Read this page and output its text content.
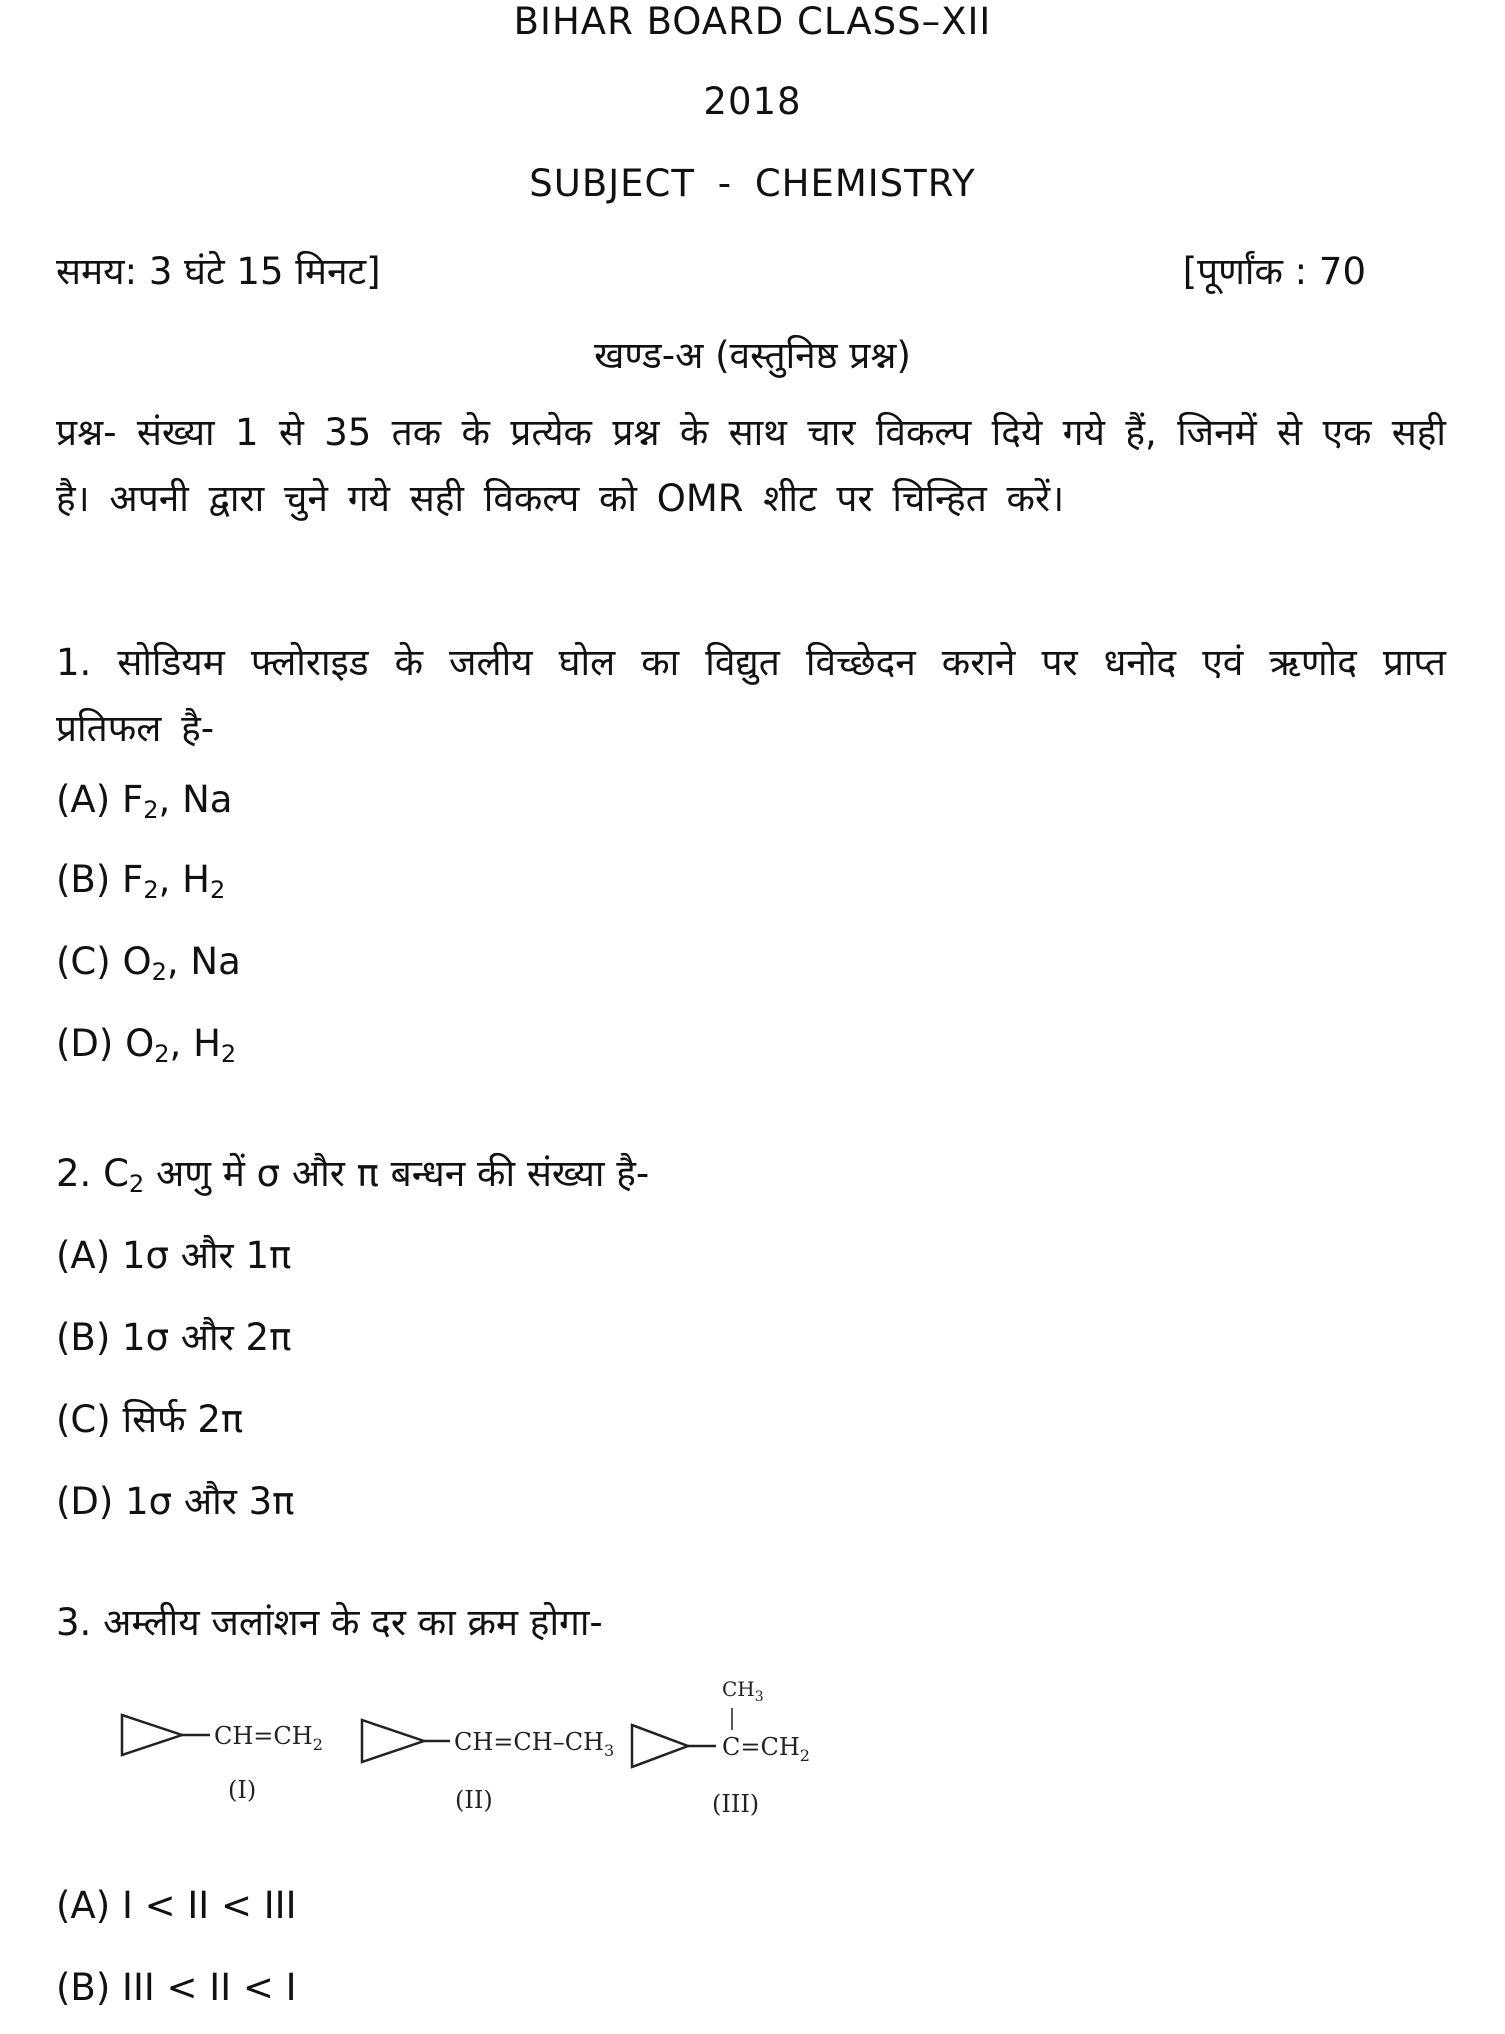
BIHAR BOARD CLASS–XII
2018
SUBJECT - CHEMISTRY
समय: 3 घंटे 15 मिनट]	[पूर्णांक : 70
खण्ड-अ (वस्तुनिष्ठ प्रश्न)
प्रश्न- संख्या 1 से 35 तक के प्रत्येक प्रश्न के साथ चार विकल्प दिये गये हैं, जिनमें से एक सही है। अपनी द्वारा चुने गये सही विकल्प को OMR शीट पर चिन्हित करें।
1. सोडियम फ्लोराइड के जलीय घोल का विद्युत विच्छेदन कराने पर धनोद एवं ऋणोद प्राप्त प्रतिफल है-
(A) $F_2$, Na
(B) $F_2$, $H_2$
(C) $O_2$, Na
(D) $O_2$, $H_2$
2. $C_2$ अणु में σ और π बन्धन की संख्या है-
(A) 1σ और 1π
(B) 1σ और 2π
(C) सिर्फ 2π
(D) 1σ और 3π
3. अम्लीय जलांशन के दर का क्रम होगा-
$CH=CH_2$
(I)
$CH=CH-CH_3$
(II)
$CH_3$
$C=CH_2$
(III)
(A) I < II < III
(B) III < II < I
